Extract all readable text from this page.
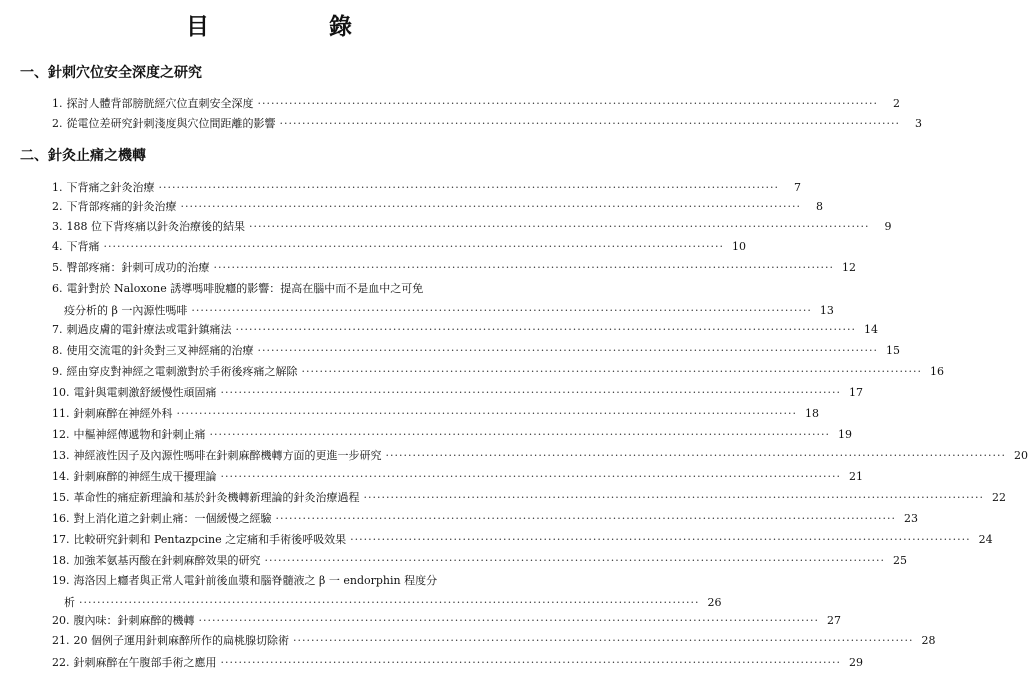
目 錄
一、針刺穴位安全深度之研究
1. 探討人體背部膀胱經穴位直刺安全深度 ··········································································································································	2
2. 從電位差研究針刺淺度與穴位間距離的影響 ··········································································································································	3
二、針灸止痛之機轉
1. 下背痛之針灸治療 ··········································································································································	7
2. 下背部疼痛的針灸治療 ··········································································································································	8
3. 188 位下背疼痛以針灸治療後的結果 ··········································································································································	9
4. 下背痛 ·········································································································································· 10
5. 臀部疼痛：針刺可成功的治療 ·········································································································································· 12
6. 電針對於 Naloxone 誘導嗎啡脫癮的影響：提高在腦中而不是血中之可免
疫分析的 β 一內源性嗎啡 ·········································································································································· 13
7. 刺過皮膚的電針療法或電針鎮痛法 ·········································································································································· 14
8. 使用交流電的針灸對三叉神經痛的治療 ·········································································································································· 15
9. 經由穿皮對神經之電刺激對於手術後疼痛之解除 ·········································································································································· 16
10. 電針與電刺激舒緩慢性頑固痛 ·········································································································································· 17
11. 針刺麻醉在神經外科 ·········································································································································· 18
12. 中樞神經傳遞物和針刺止痛 ·········································································································································· 19
13. 神經液性因子及內源性嗎啡在針刺麻醉機轉方面的更進一步研究 ·········································································································································· 20
14. 針刺麻醉的神經生成干擾理論 ·········································································································································· 21
15. 革命性的痛症新理論和基於針灸機轉新理論的針灸治療過程 ·········································································································································· 22
16. 對上消化道之針刺止痛：一個緩慢之經驗 ·········································································································································· 23
17. 比較研究針刺和 Pentazpcine 之定痛和手術後呼吸效果 ·········································································································································· 24
18. 加強苯氨基丙酸在針刺麻醉效果的研究 ·········································································································································· 25
19. 海洛因上癮者與正常人電針前後血漿和腦脊髓液之 β 一 endorphin 程度分
析 ·········································································································································· 26
20. 腹內味：針刺麻醉的機轉 ·········································································································································· 27
21. 20 個例子運用針刺麻醉所作的扁桃腺切除術 ·········································································································································· 28
22. 針刺麻醉在午腹部手術之應用 ·········································································································································· 29
